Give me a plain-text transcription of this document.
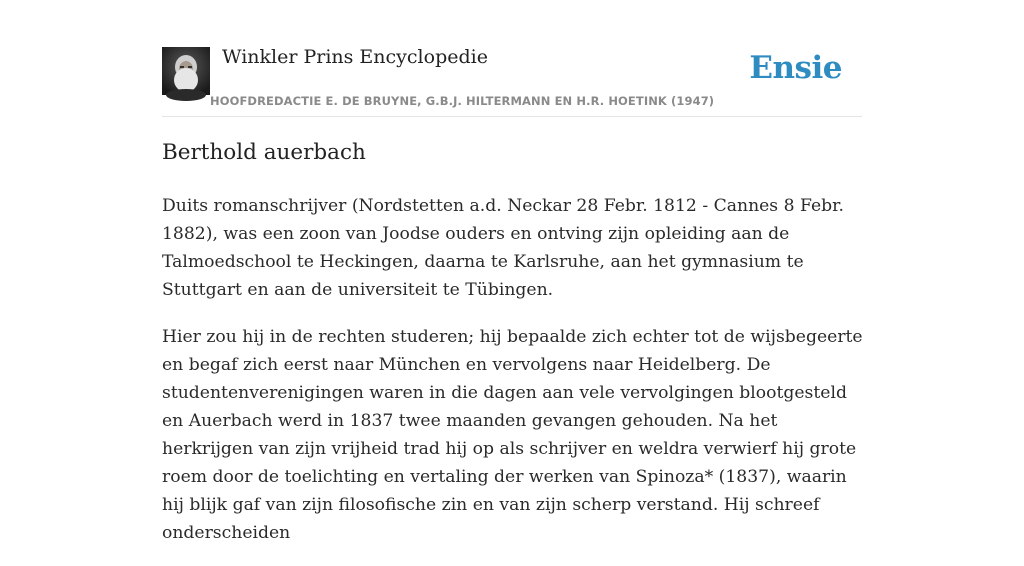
Winkler Prins Encyclopedie
HOOFDREDACTIE E. DE BRUYNE, G.B.J. HILTERMANN EN H.R. HOETINK (1947)
Ensie
Berthold auerbach

Duits romanschrijver (Nordstetten a.d. Neckar 28 Febr. 1812 - Cannes 8 Febr. 1882), was een zoon van Joodse ouders en ontving zijn opleiding aan de Talmoedschool te Heckingen, daarna te Karlsruhe, aan het gymnasium te Stuttgart en aan de universiteit te Tübingen.

Hier zou hij in de rechten studeren; hij bepaalde zich echter tot de wijsbegeerte en begaf zich eerst naar München en vervolgens naar Heidelberg. De studentenverenigingen waren in die dagen aan vele vervolgingen blootgesteld en Auerbach werd in 1837 twee maanden gevangen gehouden. Na het herkrijgen van zijn vrijheid trad hij op als schrijver en weldra verwierf hij grote roem door de toelichting en vertaling der werken van Spinoza* (1837), waarin hij blijk gaf van zijn filosofische zin en van zijn scherp verstand. Hij schreef onderscheiden
